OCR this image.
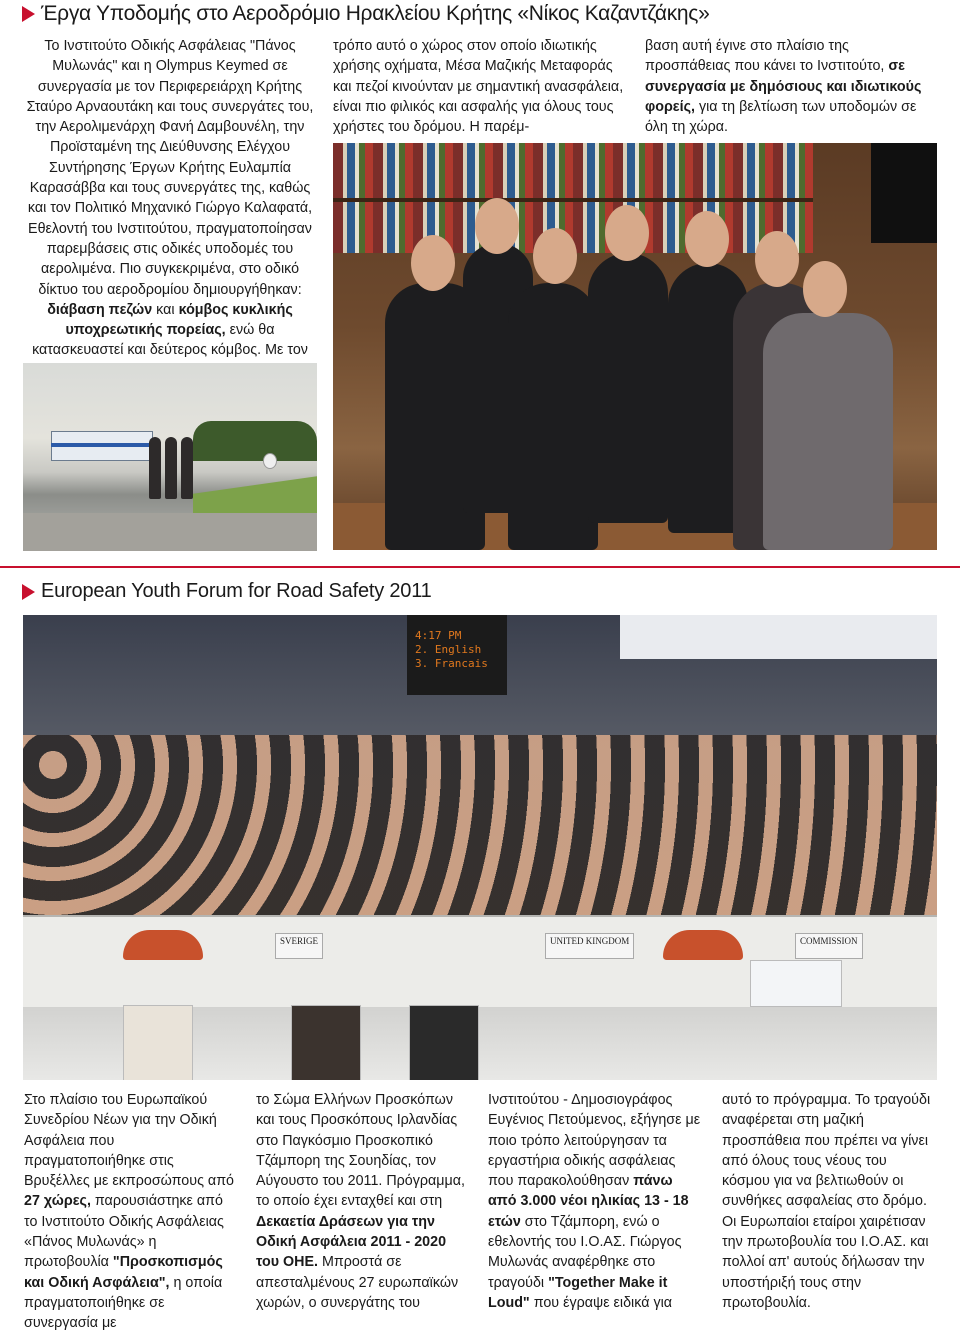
Έργα Υποδομής στο Αεροδρόμιο Ηρακλείου Κρήτης «Νίκος Καζαντζάκης»
Το Ινστιτούτο Οδικής Ασφάλειας "Πάνος Μυλωνάς" και η Olympus Keymed σε συνεργασία με τον Περιφερειάρχη Κρήτης Σταύρο Αρναουτάκη και τους συνεργάτες του, την Αερολιμενάρχη Φανή Δαμβουνέλη, την Προϊσταμένη της Διεύθυνσης Ελέγχου Συντήρησης Έργων Κρήτης Ευλαμπία Καρασάββα και τους συνεργάτες της, καθώς και τον Πολιτικό Μηχανικό Γιώργο Καλαφατά, Εθελοντή του Ινστιτούτου, πραγματοποίησαν παρεμβάσεις στις οδικές υποδομές του αερολιμένα. Πιο συγκεκριμένα, στο οδικό δίκτυο του αεροδρομίου δημιουργήθηκαν: διάβαση πεζών και κόμβος κυκλικής υποχρεωτικής πορείας, ενώ θα κατασκευαστεί και δεύτερος κόμβος. Με τον
τρόπο αυτό ο χώρος στον οποίο ιδιωτικής χρήσης οχήματα, Μέσα Μαζικής Μεταφοράς και πεζοί κινούνταν με σημαντική ανασφάλεια, είναι πιο φιλικός και ασφαλής για όλους τους χρήστες του δρόμου. Η παρέμ-
βαση αυτή έγινε στο πλαίσιο της προσπάθειας που κάνει το Ινστιτούτο, σε συνεργασία με δημόσιους και ιδιωτικούς φορείς, για τη βελτίωση των υποδομών σε όλη τη χώρα.
European Youth Forum for Road Safety 2011
4:17 PM
2. English
3. Francais
SVERIGE	UNITED KINGDOM	COMMISSION
Στο πλαίσιο του Ευρωπαϊκού Συνεδρίου Νέων για την Οδική Ασφάλεια που πραγματοποιήθηκε στις Βρυξέλλες με εκπροσώπους από 27 χώρες, παρουσιάστηκε από το Ινστιτούτο Οδικής Ασφάλειας «Πάνος Μυλωνάς» η πρωτοβουλία "Προσκοπισμός και Οδική Ασφάλεια", η οποία πραγματοποιήθηκε σε συνεργασία με
το Σώμα Ελλήνων Προσκόπων και τους Προσκόπους Ιρλανδίας στο Παγκόσμιο Προσκοπικό Τζάμπορη της Σουηδίας, τον Αύγουστο του 2011. Πρόγραμμα, το οποίο έχει ενταχθεί και στη Δεκαετία Δράσεων για την Οδική Ασφάλεια 2011 - 2020 του ΟΗΕ. Μπροστά σε απεσταλμένους 27 ευρωπαϊκών χωρών, ο συνεργάτης του
Ινστιτούτου - Δημοσιογράφος Ευγένιος Πετούμενος, εξήγησε με ποιο τρόπο λειτούργησαν τα εργαστήρια οδικής ασφάλειας που παρακολούθησαν πάνω από 3.000 νέοι ηλικίας 13 - 18 ετών στο Τζάμπορη, ενώ ο εθελοντής του Ι.Ο.ΑΣ. Γιώργος Μυλωνάς αναφέρθηκε στο τραγούδι "Together Make it Loud" που έγραψε ειδικά για
αυτό το πρόγραμμα. Το τραγούδι αναφέρεται στη μαζική προσπάθεια που πρέπει να γίνει από όλους τους νέους του κόσμου για να βελτιωθούν οι συνθήκες ασφαλείας στο δρόμο. Οι Ευρωπαίοι εταίροι χαιρέτισαν την πρωτοβουλία του Ι.Ο.ΑΣ. και πολλοί απ' αυτούς δήλωσαν την υποστήριξή τους στην πρωτοβουλία.
